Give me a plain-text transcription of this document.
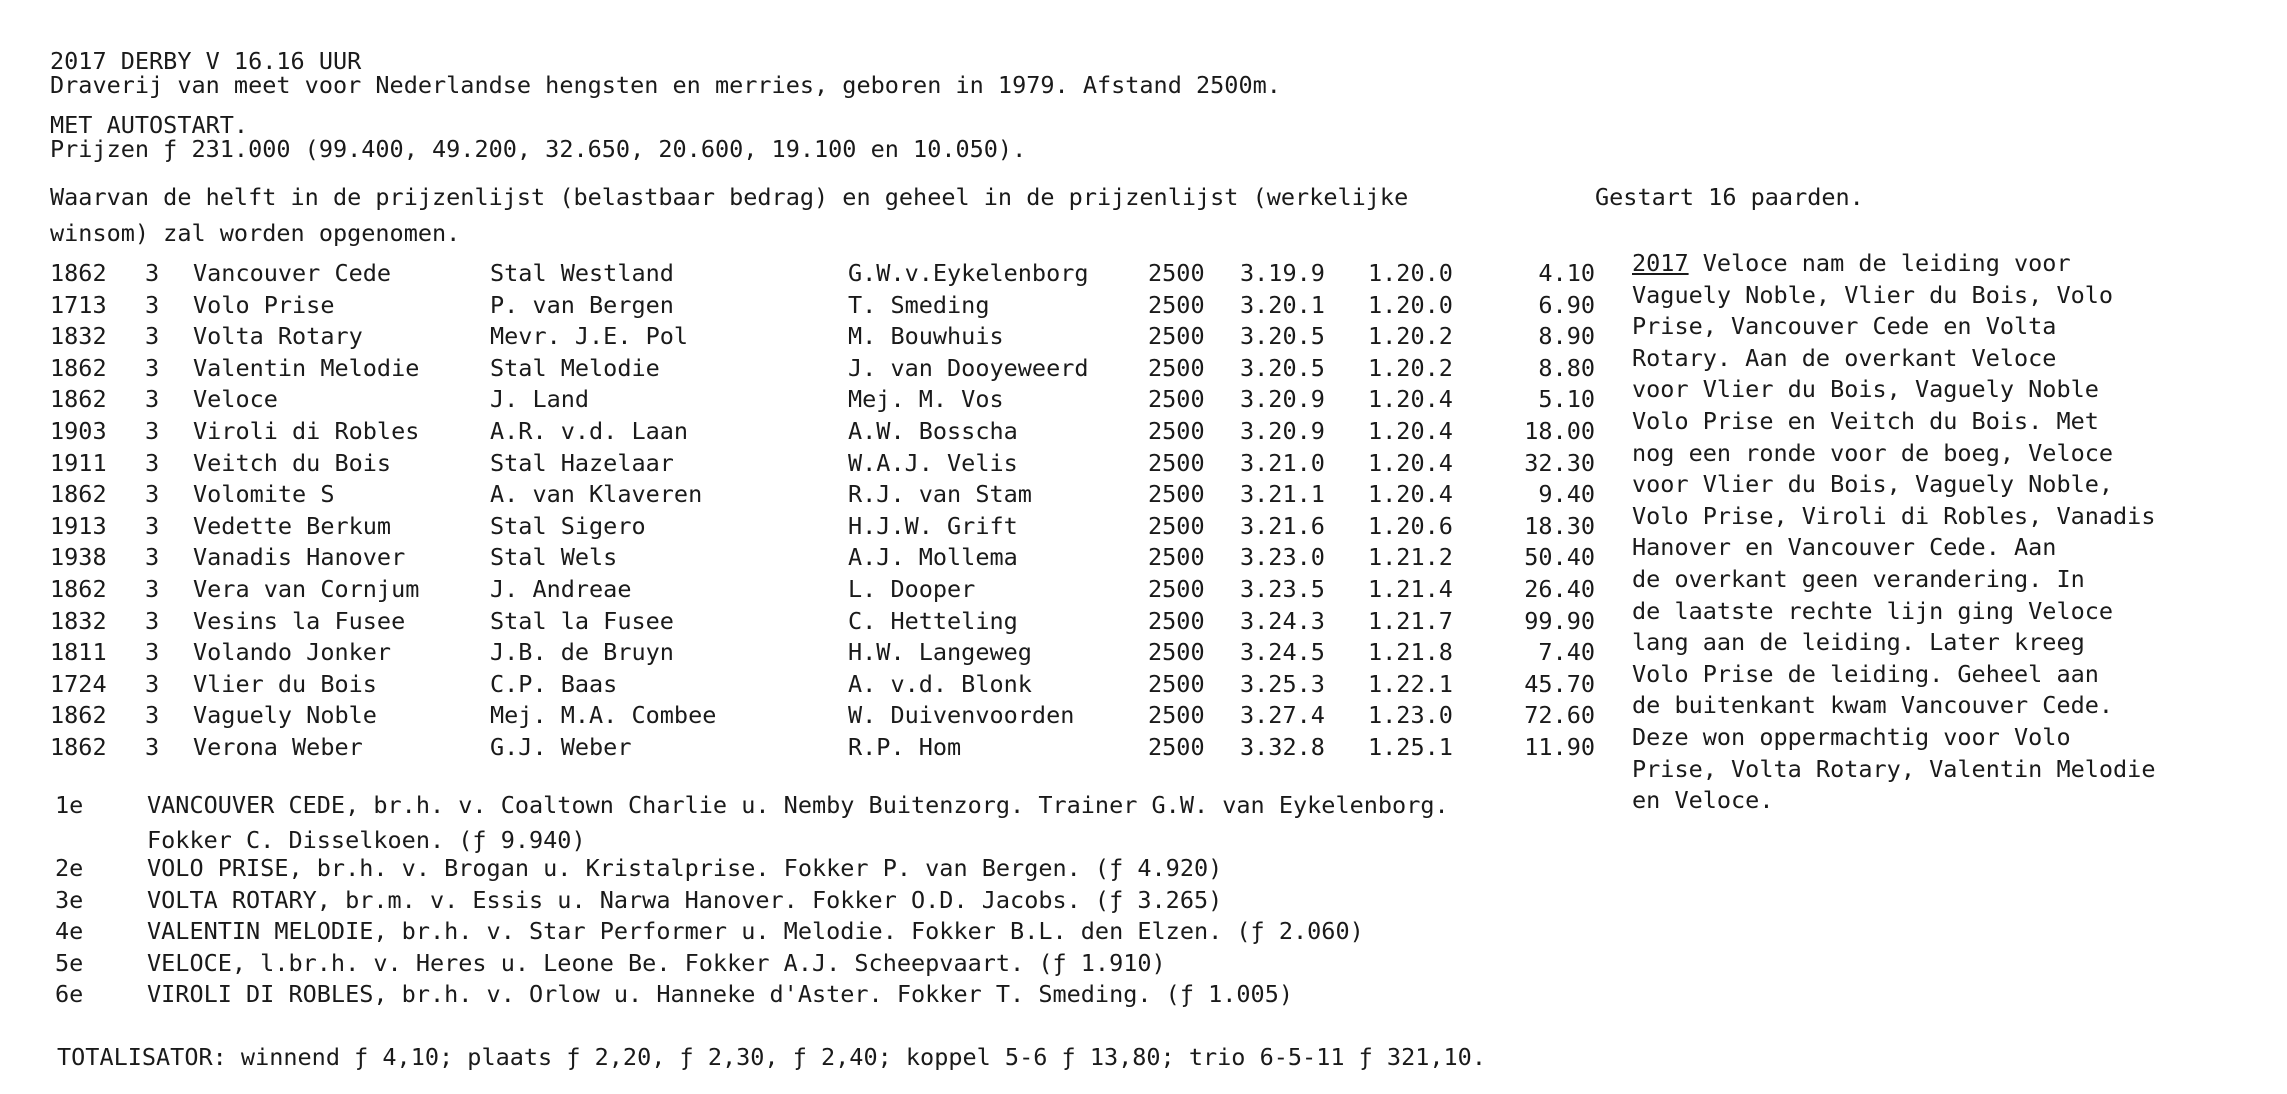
2017 DERBY V 16.16 UUR
Draverij van meet voor Nederlandse hengsten en merries, geboren in 1979. Afstand 2500m.
MET AUTOSTART.
Prijzen ƒ 231.000 (99.400, 49.200, 32.650, 20.600, 19.100 en 10.050).
Waarvan de helft in de prijzenlijst (belastbaar bedrag) en geheel in de prijzenlijst (werkelijke
winsom) zal worden opgenomen.
Gestart 16 paarden.
1862 3 Vancouver Cede	Stal Westland	G.W.v.Eykelenborg	2500 3.19.9 1.20.0	4.10
1713 3 Volo Prise	P. van Bergen	T. Smeding	2500 3.20.1 1.20.0	6.90
1832 3 Volta Rotary	Mevr. J.E. Pol	M. Bouwhuis	2500 3.20.5 1.20.2	8.90
1862 3 Valentin Melodie	Stal Melodie	J. van Dooyeweerd	2500 3.20.5 1.20.2	8.80
1862 3 Veloce	J. Land	Mej. M. Vos	2500 3.20.9 1.20.4	5.10
1903 3 Viroli di Robles	A.R. v.d. Laan	A.W. Bosscha	2500 3.20.9 1.20.4	18.00
1911 3 Veitch du Bois	Stal Hazelaar	W.A.J. Velis	2500 3.21.0 1.20.4	32.30
1862 3 Volomite S	A. van Klaveren	R.J. van Stam	2500 3.21.1 1.20.4	9.40
1913 3 Vedette Berkum	Stal Sigero	H.J.W. Grift	2500 3.21.6 1.20.6	18.30
1938 3 Vanadis Hanover	Stal Wels	A.J. Mollema	2500 3.23.0 1.21.2	50.40
1862 3 Vera van Cornjum	J. Andreae	L. Dooper	2500 3.23.5 1.21.4	26.40
1832 3 Vesins la Fusee	Stal la Fusee	C. Hetteling	2500 3.24.3 1.21.7	99.90
1811 3 Volando Jonker	J.B. de Bruyn	H.W. Langeweg	2500 3.24.5 1.21.8	7.40
1724 3 Vlier du Bois	C.P. Baas	A. v.d. Blonk	2500 3.25.3 1.22.1	45.70
1862 3 Vaguely Noble	Mej. M.A. Combee	W. Duivenvoorden	2500 3.27.4 1.23.0	72.60
1862 3 Verona Weber	G.J. Weber	R.P. Hom	2500 3.32.8 1.25.1	11.90
2017 Veloce nam de leiding voor
Vaguely Noble, Vlier du Bois, Volo
Prise, Vancouver Cede en Volta
Rotary. Aan de overkant Veloce
voor Vlier du Bois, Vaguely Noble
Volo Prise en Veitch du Bois. Met
nog een ronde voor de boeg, Veloce
voor Vlier du Bois, Vaguely Noble,
Volo Prise, Viroli di Robles, Vanadis
Hanover en Vancouver Cede. Aan
de overkant geen verandering. In
de laatste rechte lijn ging Veloce
lang aan de leiding. Later kreeg
Volo Prise de leiding. Geheel aan
de buitenkant kwam Vancouver Cede.
Deze won oppermachtig voor Volo
Prise, Volta Rotary, Valentin Melodie
en Veloce.
1e	VANCOUVER CEDE, br.h. v. Coaltown Charlie u. Nemby Buitenzorg. Trainer G.W. van Eykelenborg.
Fokker C. Disselkoen. (ƒ 9.940)
2e	VOLO PRISE, br.h. v. Brogan u. Kristalprise. Fokker P. van Bergen. (ƒ 4.920)
3e	VOLTA ROTARY, br.m. v. Essis u. Narwa Hanover. Fokker O.D. Jacobs. (ƒ 3.265)
4e	VALENTIN MELODIE, br.h. v. Star Performer u. Melodie. Fokker B.L. den Elzen. (ƒ 2.060)
5e	VELOCE, l.br.h. v. Heres u. Leone Be. Fokker A.J. Scheepvaart. (ƒ 1.910)
6e	VIROLI DI ROBLES, br.h. v. Orlow u. Hanneke d'Aster. Fokker T. Smeding. (ƒ 1.005)
TOTALISATOR: winnend ƒ 4,10; plaats ƒ 2,20, ƒ 2,30, ƒ 2,40; koppel 5-6 ƒ 13,80; trio 6-5-11 ƒ 321,10.
